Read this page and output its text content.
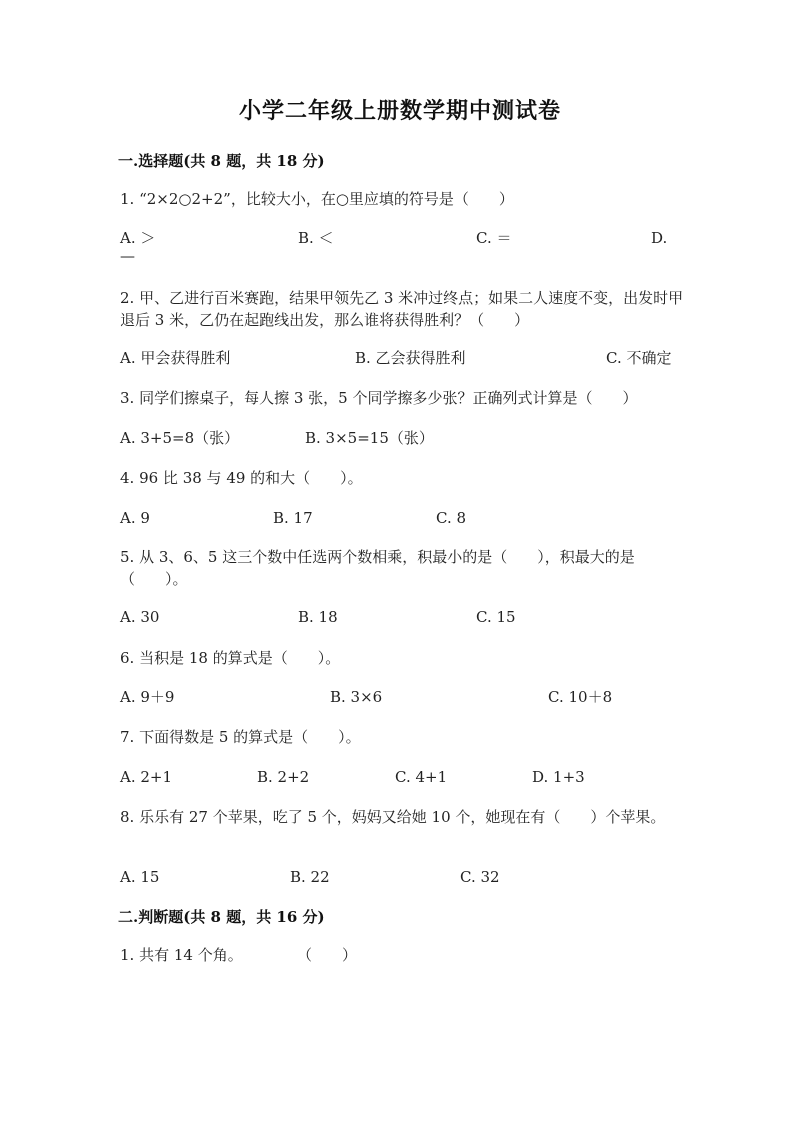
小学二年级上册数学期中测试卷
一.选择题(共 8 题，共 18 分)
1. “2×2○2+2”，比较大小，在○里应填的符号是（　　）
A. ＞	B. ＜	C. ＝	D.
—
2. 甲、乙进行百米赛跑，结果甲领先乙 3 米冲过终点；如果二人速度不变，出发时甲退后 3 米，乙仍在起跑线出发，那么谁将获得胜利？（　　）
A. 甲会获得胜利	B. 乙会获得胜利	C. 不确定
3. 同学们擦桌子，每人擦 3 张，5 个同学擦多少张？正确列式计算是（　　）
A. 3+5=8（张）	B. 3×5=15（张）
4. 96 比 38 与 49 的和大（　　）。
A. 9	B. 17	C. 8
5. 从 3、6、5 这三个数中任选两个数相乘，积最小的是（　　），积最大的是（　　）。
A. 30	B. 18	C. 15
6. 当积是 18 的算式是（　　）。
A. 9＋9	B. 3×6	C. 10＋8
7. 下面得数是 5 的算式是（　　）。
A. 2+1	B. 2+2	C. 4+1	D. 1+3
8. 乐乐有 27 个苹果，吃了 5 个，妈妈又给她 10 个，她现在有（　　）个苹果。
A. 15	B. 22	C. 32
二.判断题(共 8 题，共 16 分)
1. 共有 14 个角。	（　　）
